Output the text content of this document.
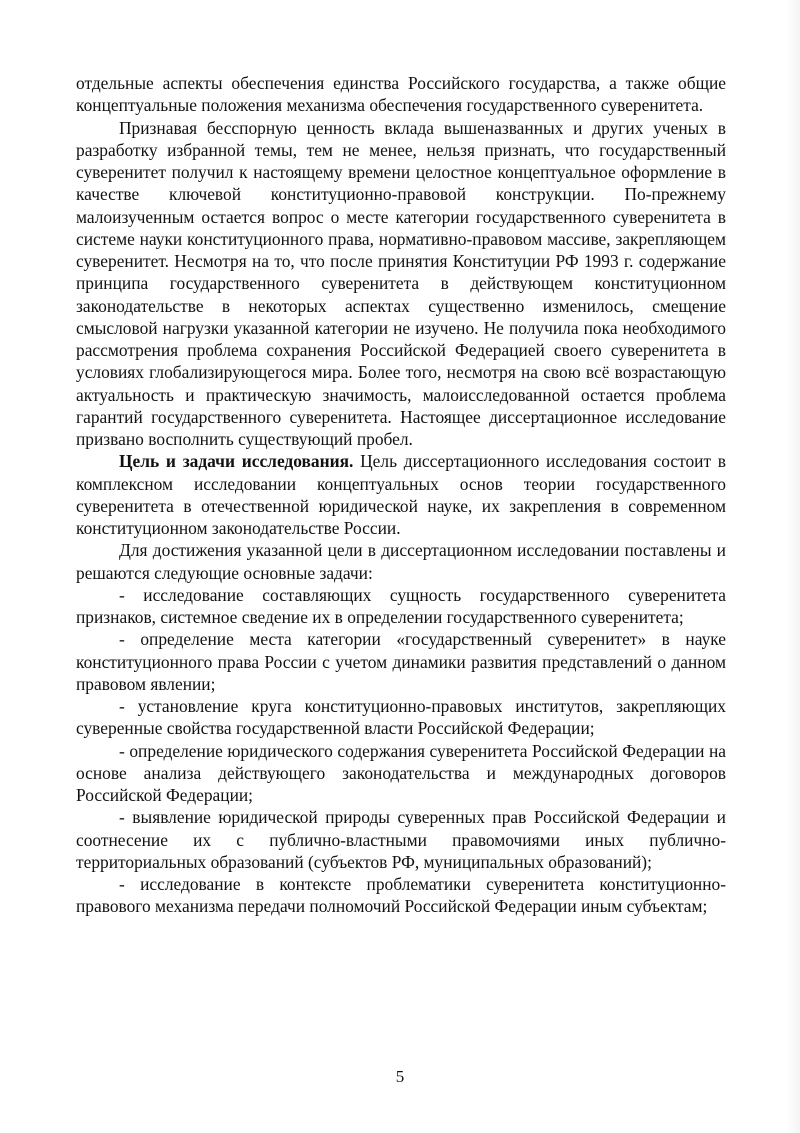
отдельные аспекты обеспечения единства Российского государства, а также общие концептуальные положения механизма обеспечения государственного суверенитета.

Признавая бесспорную ценность вклада вышеназванных и других ученых в разработку избранной темы, тем не менее, нельзя признать, что государственный суверенитет получил к настоящему времени целостное концептуальное оформление в качестве ключевой конституционно-правовой конструкции. По-прежнему малоизученным остается вопрос о месте категории государственного суверенитета в системе науки конституционного права, нормативно-правовом массиве, закрепляющем суверенитет. Несмотря на то, что после принятия Конституции РФ 1993 г. содержание принципа государственного суверенитета в действующем конституционном законодательстве в некоторых аспектах существенно изменилось, смещение смысловой нагрузки указанной категории не изучено. Не получила пока необходимого рассмотрения проблема сохранения Российской Федерацией своего суверенитета в условиях глобализирующегося мира. Более того, несмотря на свою всё возрастающую актуальность и практическую значимость, малоисследованной остается проблема гарантий государственного суверенитета. Настоящее диссертационное исследование призвано восполнить существующий пробел.

Цель и задачи исследования. Цель диссертационного исследования состоит в комплексном исследовании концептуальных основ теории государственного суверенитета в отечественной юридической науке, их закрепления в современном конституционном законодательстве России.

Для достижения указанной цели в диссертационном исследовании поставлены и решаются следующие основные задачи:

- исследование составляющих сущность государственного суверенитета признаков, системное сведение их в определении государственного суверенитета;

- определение места категории «государственный суверенитет» в науке конституционного права России с учетом динамики развития представлений о данном правовом явлении;

- установление круга конституционно-правовых институтов, закрепляющих суверенные свойства государственной власти Российской Федерации;

- определение юридического содержания суверенитета Российской Федерации на основе анализа действующего законодательства и международных договоров Российской Федерации;

- выявление юридической природы суверенных прав Российской Федерации и соотнесение их с публично-властными правомочиями иных публично-территориальных образований (субъектов РФ, муниципальных образований);

- исследование в контексте проблематики суверенитета конституционно-правового механизма передачи полномочий Российской Федерации иным субъектам;

5
